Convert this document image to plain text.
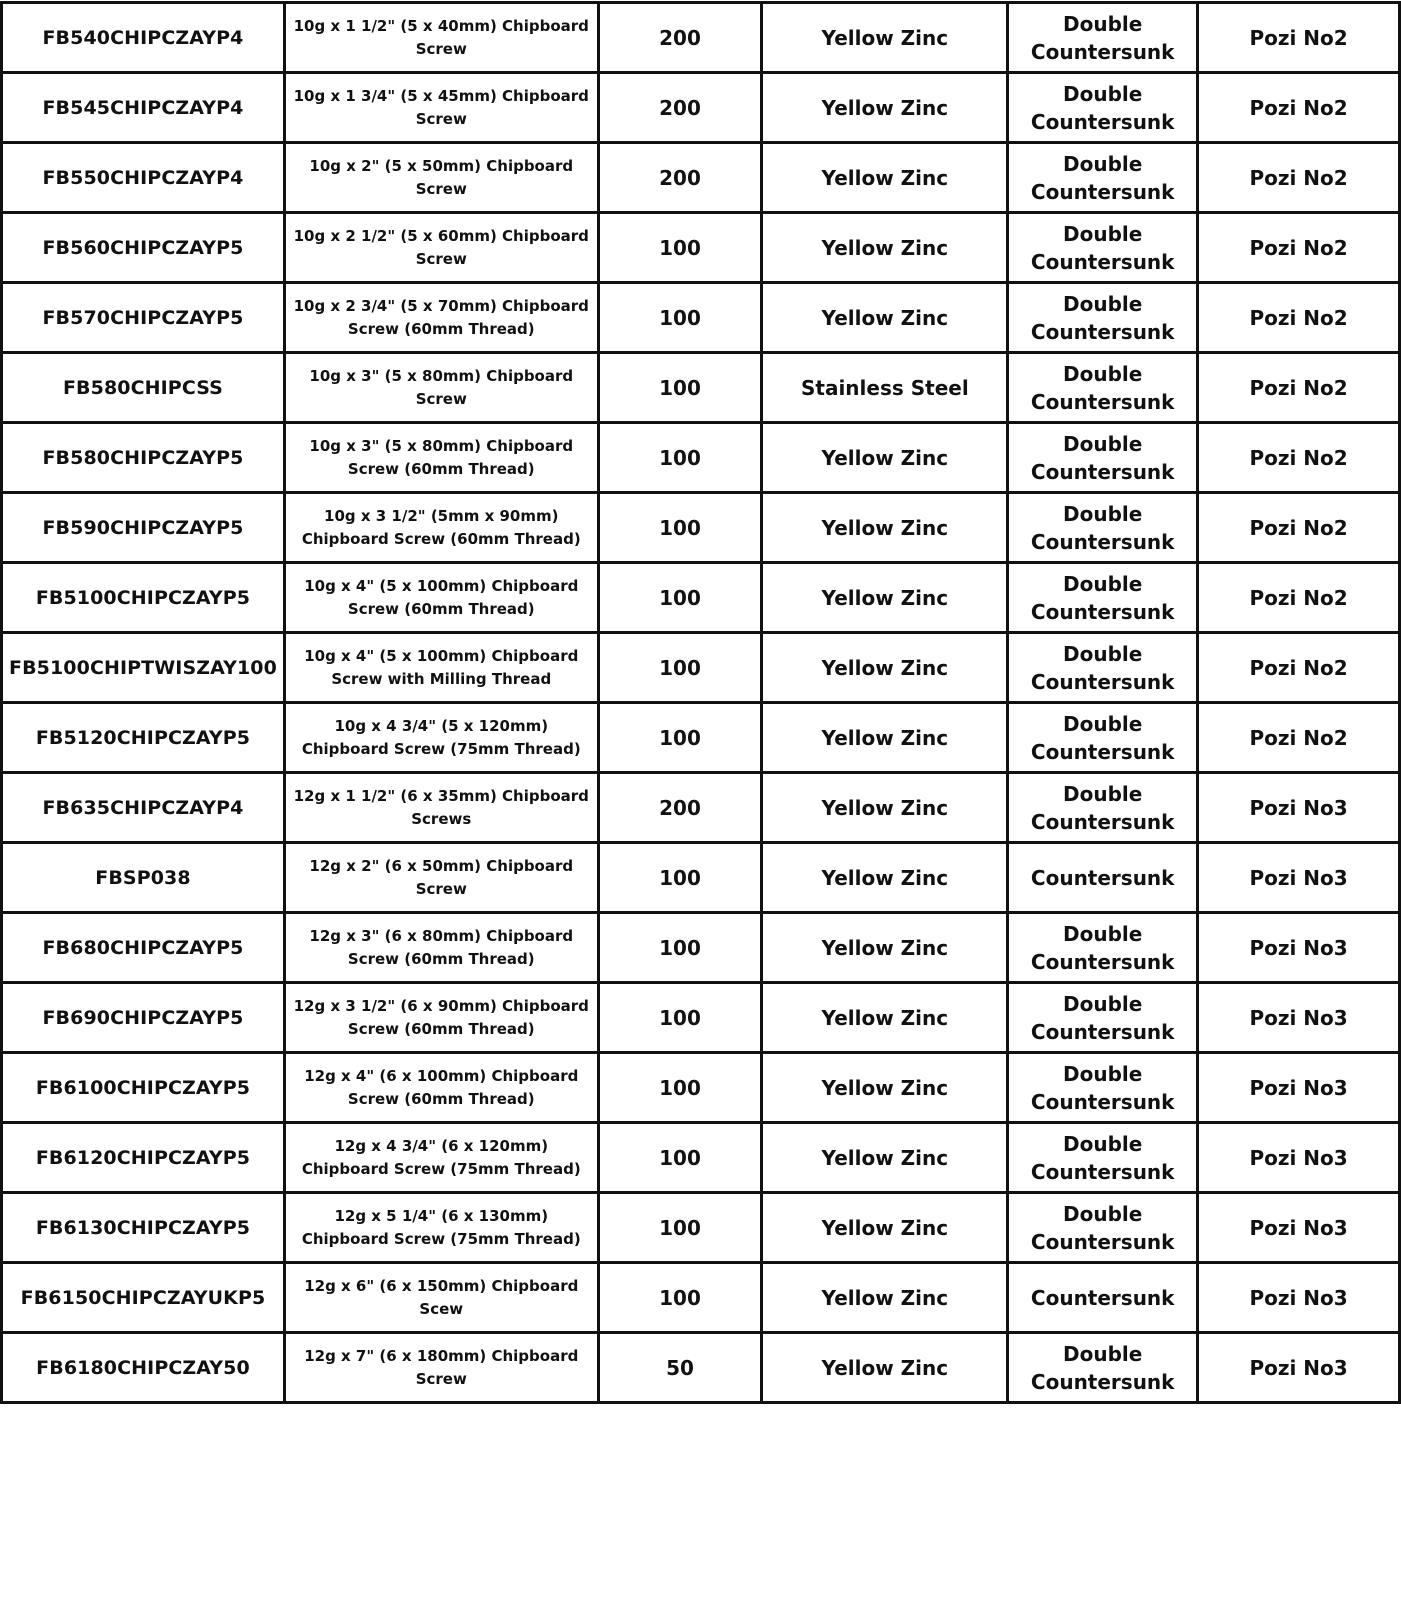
FB540CHIPCZAYP4	10g x 1 1/2" (5 x 40mm) Chipboard Screw	200	Yellow Zinc	Double Countersunk	Pozi No2
FB545CHIPCZAYP4	10g x 1 3/4" (5 x 45mm) Chipboard Screw	200	Yellow Zinc	Double Countersunk	Pozi No2
FB550CHIPCZAYP4	10g x 2" (5 x 50mm) Chipboard Screw	200	Yellow Zinc	Double Countersunk	Pozi No2
FB560CHIPCZAYP5	10g x 2 1/2" (5 x 60mm) Chipboard Screw	100	Yellow Zinc	Double Countersunk	Pozi No2
FB570CHIPCZAYP5	10g x 2 3/4" (5 x 70mm) Chipboard Screw (60mm Thread)	100	Yellow Zinc	Double Countersunk	Pozi No2
FB580CHIPCSS	10g x 3" (5 x 80mm) Chipboard Screw	100	Stainless Steel	Double Countersunk	Pozi No2
FB580CHIPCZAYP5	10g x 3" (5 x 80mm) Chipboard Screw (60mm Thread)	100	Yellow Zinc	Double Countersunk	Pozi No2
FB590CHIPCZAYP5	10g x 3 1/2" (5mm x 90mm) Chipboard Screw (60mm Thread)	100	Yellow Zinc	Double Countersunk	Pozi No2
FB5100CHIPCZAYP5	10g x 4" (5 x 100mm) Chipboard Screw (60mm Thread)	100	Yellow Zinc	Double Countersunk	Pozi No2
FB5100CHIPTWISZAY100	10g x 4" (5 x 100mm) Chipboard Screw with Milling Thread	100	Yellow Zinc	Double Countersunk	Pozi No2
FB5120CHIPCZAYP5	10g x 4 3/4" (5 x 120mm) Chipboard Screw (75mm Thread)	100	Yellow Zinc	Double Countersunk	Pozi No2
FB635CHIPCZAYP4	12g x 1 1/2" (6 x 35mm) Chipboard Screws	200	Yellow Zinc	Double Countersunk	Pozi No3
FBSP038	12g x 2" (6 x 50mm) Chipboard Screw	100	Yellow Zinc	Countersunk	Pozi No3
FB680CHIPCZAYP5	12g x 3" (6 x 80mm) Chipboard Screw (60mm Thread)	100	Yellow Zinc	Double Countersunk	Pozi No3
FB690CHIPCZAYP5	12g x 3 1/2" (6 x 90mm) Chipboard Screw (60mm Thread)	100	Yellow Zinc	Double Countersunk	Pozi No3
FB6100CHIPCZAYP5	12g x 4" (6 x 100mm) Chipboard Screw (60mm Thread)	100	Yellow Zinc	Double Countersunk	Pozi No3
FB6120CHIPCZAYP5	12g x 4 3/4" (6 x 120mm) Chipboard Screw (75mm Thread)	100	Yellow Zinc	Double Countersunk	Pozi No3
FB6130CHIPCZAYP5	12g x 5 1/4" (6 x 130mm) Chipboard Screw (75mm Thread)	100	Yellow Zinc	Double Countersunk	Pozi No3
FB6150CHIPCZAYUKP5	12g x 6" (6 x 150mm) Chipboard Scew	100	Yellow Zinc	Countersunk	Pozi No3
FB6180CHIPCZAY50	12g x 7" (6 x 180mm) Chipboard Screw	50	Yellow Zinc	Double Countersunk	Pozi No3
